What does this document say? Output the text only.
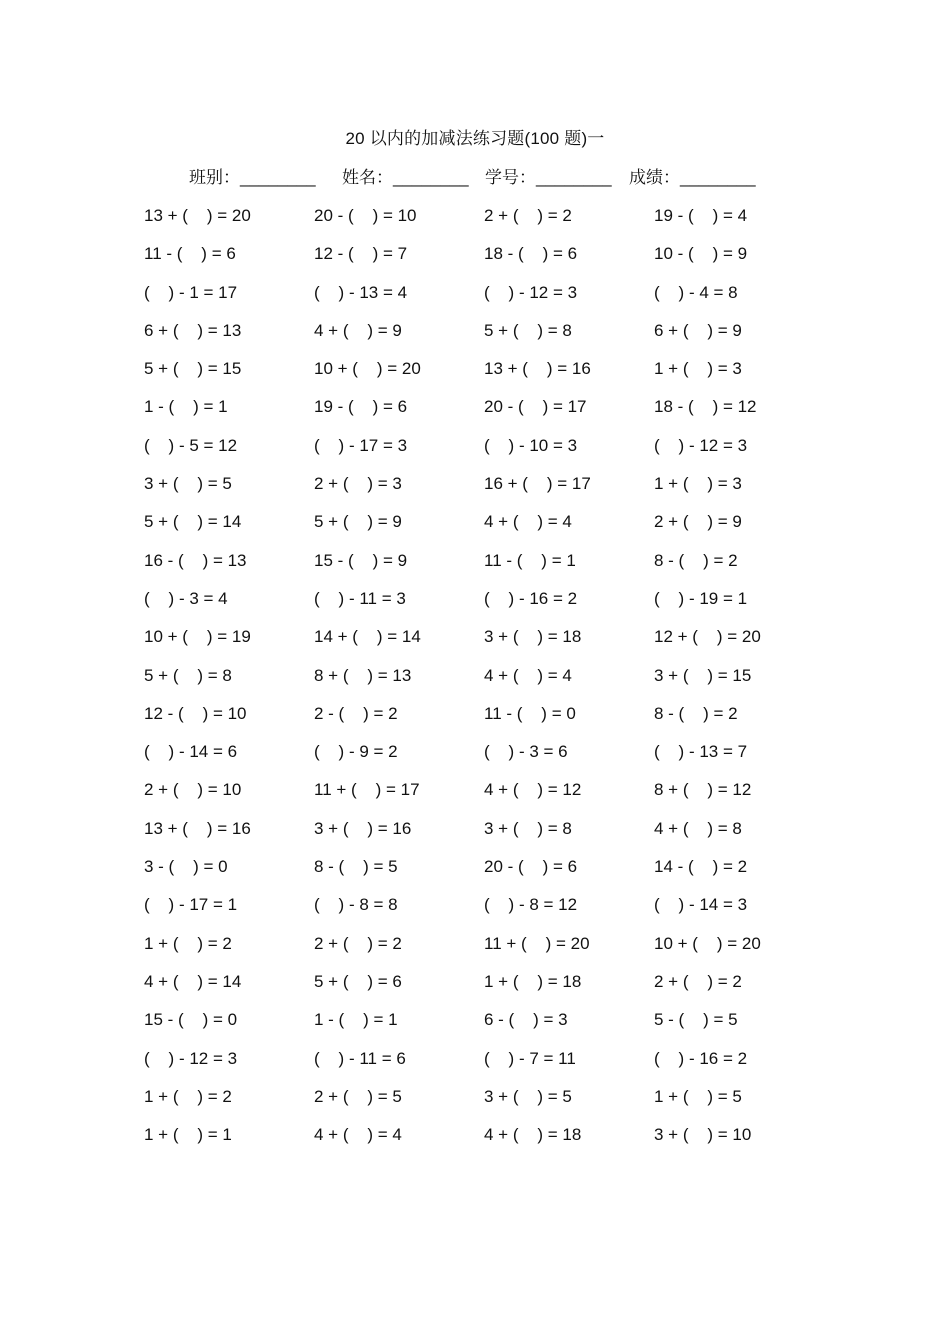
20 以内的加减法练习题(100 题)一

班别：________

姓名：________

学号：________

成绩：________

13 + (    ) = 20	20 - (    ) = 10	2 + (    ) = 2	19 - (    ) = 4
11 - (    ) = 6	12 - (    ) = 7	18 - (    ) = 6	10 - (    ) = 9
(    ) - 1 = 17	(    ) - 13 = 4	(    ) - 12 = 3	(    ) - 4 = 8
6 + (    ) = 13	4 + (    ) = 9	5 + (    ) = 8	6 + (    ) = 9
5 + (    ) = 15	10 + (    ) = 20	13 + (    ) = 16	1 + (    ) = 3
1 - (    ) = 1	19 - (    ) = 6	20 - (    ) = 17	18 - (    ) = 12
(    ) - 5 = 12	(    ) - 17 = 3	(    ) - 10 = 3	(    ) - 12 = 3
3 + (    ) = 5	2 + (    ) = 3	16 + (    ) = 17	1 + (    ) = 3
5 + (    ) = 14	5 + (    ) = 9	4 + (    ) = 4	2 + (    ) = 9
16 - (    ) = 13	15 - (    ) = 9	11 - (    ) = 1	8 - (    ) = 2
(    ) - 3 = 4	(    ) - 11 = 3	(    ) - 16 = 2	(    ) - 19 = 1
10 + (    ) = 19	14 + (    ) = 14	3 + (    ) = 18	12 + (    ) = 20
5 + (    ) = 8	8 + (    ) = 13	4 + (    ) = 4	3 + (    ) = 15
12 - (    ) = 10	2 - (    ) = 2	11 - (    ) = 0	8 - (    ) = 2
(    ) - 14 = 6	(    ) - 9 = 2	(    ) - 3 = 6	(    ) - 13 = 7
2 + (    ) = 10	11 + (    ) = 17	4 + (    ) = 12	8 + (    ) = 12
13 + (    ) = 16	3 + (    ) = 16	3 + (    ) = 8	4 + (    ) = 8
3 - (    ) = 0	8 - (    ) = 5	20 - (    ) = 6	14 - (    ) = 2
(    ) - 17 = 1	(    ) - 8 = 8	(    ) - 8 = 12	(    ) - 14 = 3
1 + (    ) = 2	2 + (    ) = 2	11 + (    ) = 20	10 + (    ) = 20
4 + (    ) = 14	5 + (    ) = 6	1 + (    ) = 18	2 + (    ) = 2
15 - (    ) = 0	1 - (    ) = 1	6 - (    ) = 3	5 - (    ) = 5
(    ) - 12 = 3	(    ) - 11 = 6	(    ) - 7 = 11	(    ) - 16 = 2
1 + (    ) = 2	2 + (    ) = 5	3 + (    ) = 5	1 + (    ) = 5
1 + (    ) = 1	4 + (    ) = 4	4 + (    ) = 18	3 + (    ) = 10
